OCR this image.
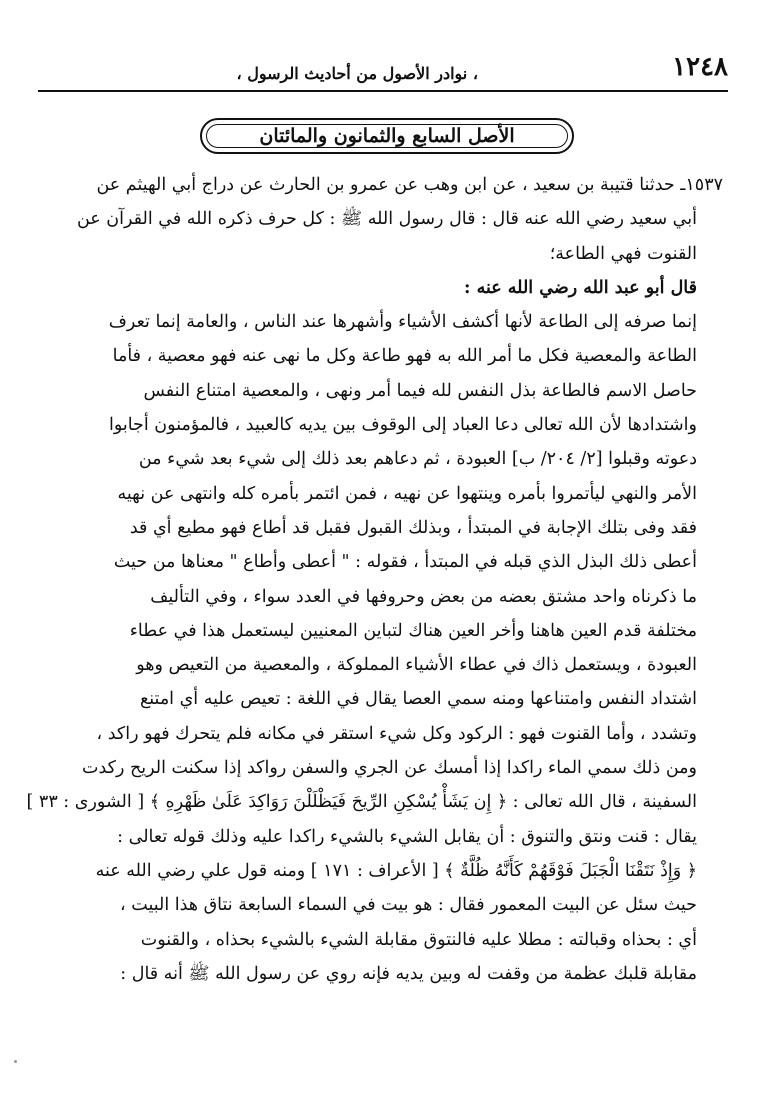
١٢٤٨
، نوادر الأصول من أحاديث الرسول ،
الأصل السابع والثمانون والمائتان
١٥٣٧ـ حدثنا قتيبة بن سعيد ، عن ابن وهب عن عمرو بن الحارث عن دراج أبي الهيثم عن
أبي سعيد رضي الله عنه قال : قال رسول الله ﷺ : كل حرف ذكره الله في القرآن عن
القنوت فهي الطاعة؛
قال أبو عبد الله رضي الله عنه :
إنما صرفه إلى الطاعة لأنها أكشف الأشياء وأشهرها عند الناس ، والعامة إنما تعرف
الطاعة والمعصية فكل ما أمر الله به فهو طاعة وكل ما نهى عنه فهو معصية ، فأما
حاصل الاسم فالطاعة بذل النفس لله فيما أمر ونهى ، والمعصية امتناع النفس
واشتدادها لأن الله تعالى دعا العباد إلى الوقوف بين يديه كالعبيد ، فالمؤمنون أجابوا
دعوته وقبلوا [٢/ ٢٠٤/ ب] العبودة ، ثم دعاهم بعد ذلك إلى شيء بعد شيء من
الأمر والنهي ليأتمروا بأمره وينتهوا عن نهيه ، فمن ائتمر بأمره كله وانتهى عن نهيه
فقد وفى بتلك الإجابة في المبتدأ ، وبذلك القبول فقبل قد أطاع فهو مطيع أي قد
أعطى ذلك البذل الذي قبله في المبتدأ ، فقوله : " أعطى وأطاع " معناها من حيث
ما ذكرناه واحد مشتق بعضه من بعض وحروفها في العدد سواء ، وفي التأليف
مختلفة قدم العين هاهنا وأخر العين هناك لتباين المعنيين ليستعمل هذا في عطاء
العبودة ، ويستعمل ذاك في عطاء الأشياء المملوكة ، والمعصية من التعيص وهو
اشتداد النفس وامتناعها ومنه سمي العصا يقال في اللغة : تعيص عليه أي امتنع
وتشدد ، وأما القنوت فهو : الركود وكل شيء استقر في مكانه فلم يتحرك فهو راكد ،
ومن ذلك سمي الماء راكدا إذا أمسك عن الجري والسفن رواكد إذا سكنت الريح ركدت
السفينة ، قال الله تعالى : ﴿ إِن يَشَأْ يُسْكِنِ الرِّيحَ فَيَظْلَلْنَ رَوَاكِدَ عَلَىٰ ظَهْرِهِ ﴾ [ الشورى : ٣٣ ]
يقال : قنت ونتق والتنوق : أن يقابل الشيء بالشيء راكدا عليه وذلك قوله تعالى :
﴿ وَإِذْ نَتَقْنَا الْجَبَلَ فَوْقَهُمْ كَأَنَّهُ ظُلَّةٌ ﴾ [ الأعراف : ١٧١ ] ومنه قول علي رضي الله عنه
حيث سئل عن البيت المعمور فقال : هو بيت في السماء السابعة نتاق هذا البيت ،
أي : بحذاه وقبالته : مطلا عليه فالنتوق مقابلة الشيء بالشيء بحذاه ، والقنوت
مقابلة قلبك عظمة من وقفت له وبين يديه فإنه روي عن رسول الله ﷺ أنه قال :
